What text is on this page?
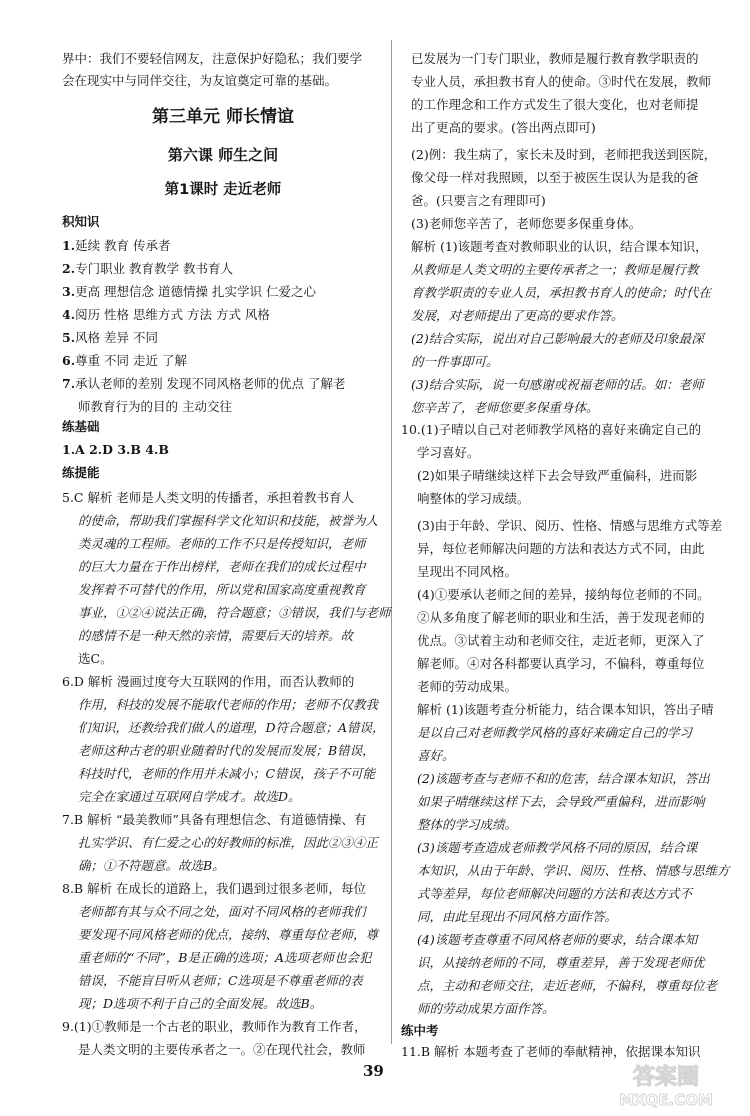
界中：我们不要轻信网友，注意保护好隐私；我们要学
会在现实中与同伴交往，为友谊奠定可靠的基础。
第三单元 师长情谊
第六课 师生之间
第1课时 走近老师
积知识
1.延续 教育 传承者
2.专门职业 教育教学 教书育人
3.更高 理想信念 道德情操 扎实学识 仁爱之心
4.阅历 性格 思维方式 方法 方式 风格
5.风格 差异 不同
6.尊重 不同 走近 了解
7.承认老师的差别 发现不同风格老师的优点 了解老
师教育行为的目的 主动交往
练基础
1.A 2.D 3.B 4.B
练提能
5.C 解析 老师是人类文明的传播者，承担着教书育人
的使命，帮助我们掌握科学文化知识和技能，被誉为人
类灵魂的工程师。老师的工作不只是传授知识，老师
的巨大力量在于作出榜样，老师在我们的成长过程中
发挥着不可替代的作用，所以党和国家高度重视教育
事业，①②④说法正确，符合题意；③错误，我们与老师
的感情不是一种天然的亲情，需要后天的培养。故
选C。
6.D 解析 漫画过度夸大互联网的作用，而否认教师的
作用，科技的发展不能取代老师的作用；老师不仅教我
们知识，还教给我们做人的道理，D符合题意；A错误，
老师这种古老的职业随着时代的发展而发展；B错误，
科技时代，老师的作用并未减小；C错误，孩子不可能
完全在家通过互联网自学成才。故选D。
7.B 解析 “最美教师”具备有理想信念、有道德情操、有
扎实学识、有仁爱之心的好教师的标准，因此②③④正
确；①不符题意。故选B。
8.B 解析 在成长的道路上，我们遇到过很多老师，每位
老师都有其与众不同之处，面对不同风格的老师我们
要发现不同风格老师的优点，接纳、尊重每位老师，尊
重老师的“不同”，B是正确的选项；A选项老师也会犯
错误，不能盲目听从老师；C选项是不尊重老师的表
现；D选项不利于自己的全面发展。故选B。
9.(1)①教师是一个古老的职业，教师作为教育工作者，
是人类文明的主要传承者之一。②在现代社会，教师
已发展为一门专门职业，教师是履行教育教学职责的
专业人员，承担教书育人的使命。③时代在发展，教师
的工作理念和工作方式发生了很大变化，也对老师提
出了更高的要求。(答出两点即可)
(2)例：我生病了，家长未及时到，老师把我送到医院，
像父母一样对我照顾，以至于被医生误认为是我的爸
爸。(只要言之有理即可)
(3)老师您辛苦了，老师您要多保重身体。
解析 (1)该题考查对教师职业的认识，结合课本知识，
从教师是人类文明的主要传承者之一；教师是履行教
育教学职责的专业人员，承担教书育人的使命；时代在
发展，对老师提出了更高的要求作答。
(2)结合实际，说出对自己影响最大的老师及印象最深
的一件事即可。
(3)结合实际，说一句感谢或祝福老师的话。如：老师
您辛苦了，老师您要多保重身体。
10.(1)子晴以自己对老师教学风格的喜好来确定自己的
学习喜好。
(2)如果子晴继续这样下去会导致严重偏科，进而影
响整体的学习成绩。
(3)由于年龄、学识、阅历、性格、情感与思维方式等差
异，每位老师解决问题的方法和表达方式不同，由此
呈现出不同风格。
(4)①要承认老师之间的差异，接纳每位老师的不同。
②从多角度了解老师的职业和生活，善于发现老师的
优点。③试着主动和老师交往，走近老师，更深入了
解老师。④对各科都要认真学习，不偏科，尊重每位
老师的劳动成果。
解析 (1)该题考查分析能力，结合课本知识，答出子晴
是以自己对老师教学风格的喜好来确定自己的学习
喜好。
(2)该题考查与老师不和的危害，结合课本知识，答出
如果子晴继续这样下去，会导致严重偏科，进而影响
整体的学习成绩。
(3)该题考查造成老师教学风格不同的原因，结合课
本知识，从由于年龄、学识、阅历、性格、情感与思维方
式等差异，每位老师解决问题的方法和表达方式不
同，由此呈现出不同风格方面作答。
(4)该题考查尊重不同风格老师的要求，结合课本知
识，从接纳老师的不同，尊重差异，善于发现老师优
点，主动和老师交往，走近老师，不偏科，尊重每位老
师的劳动成果方面作答。
练中考
11.B 解析 本题考查了老师的奉献精神，依据课本知识
39	答案圈
MXQE.COM
